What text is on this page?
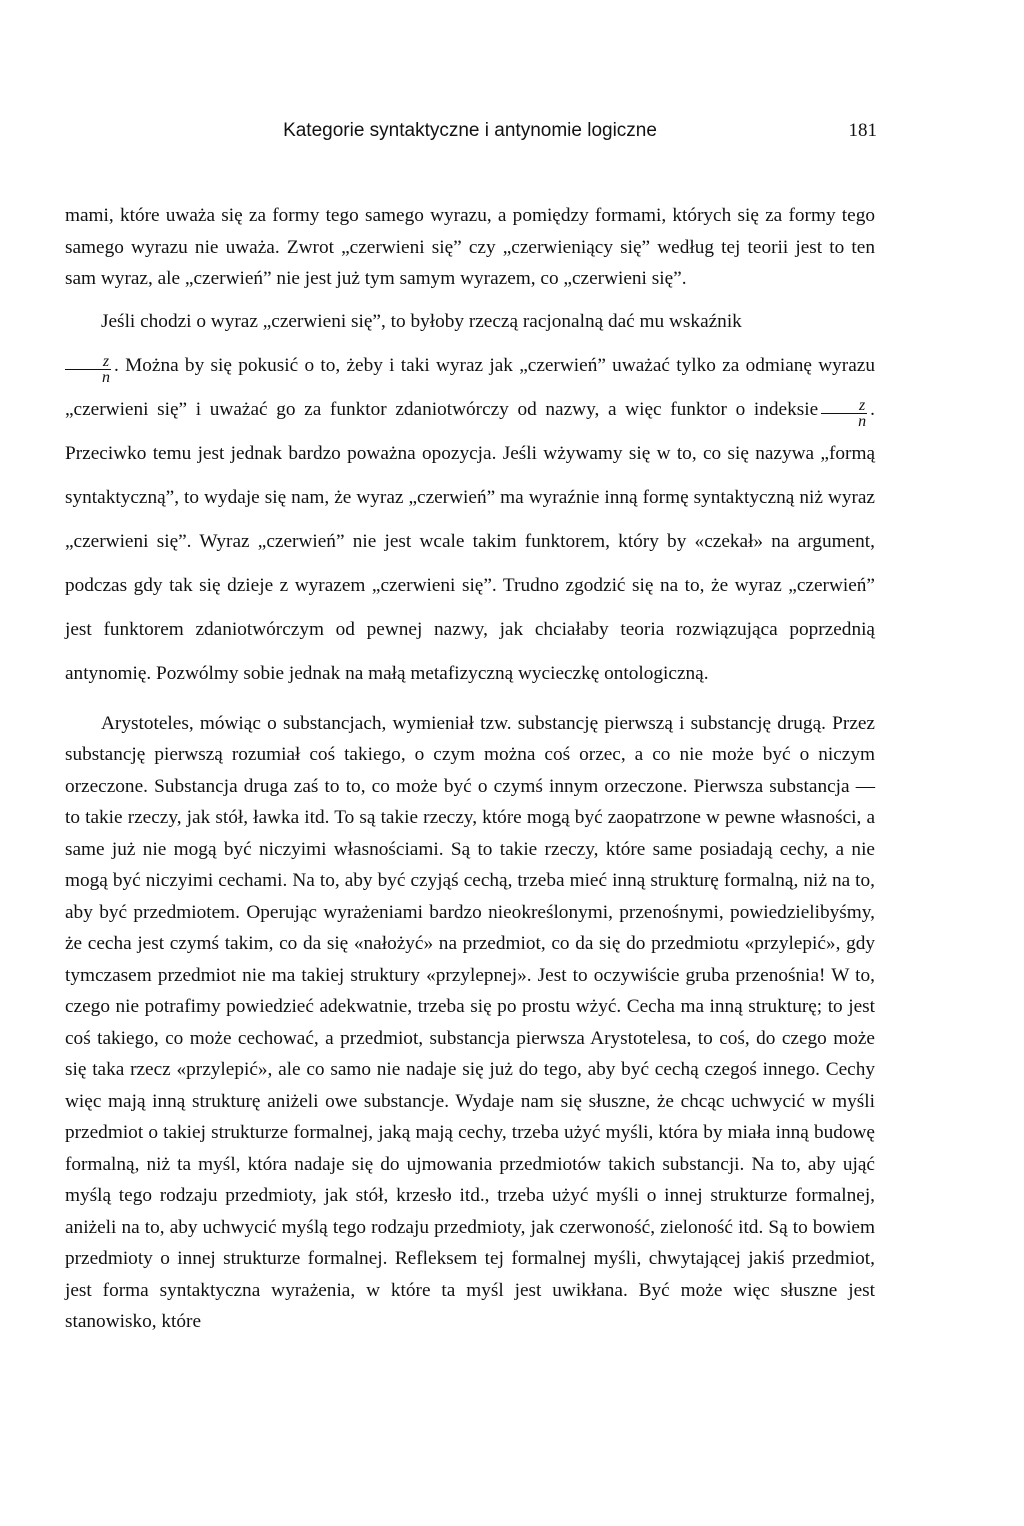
Kategorie syntaktyczne i antynomie logiczne	181

mami, które uważa się za formy tego samego wyrazu, a pomiędzy formami, których się za formy tego samego wyrazu nie uważa. Zwrot „czerwieni się” czy „czerwieniący się” według tej teorii jest to ten sam wyraz, ale „czerwień” nie jest już tym samym wyrazem, co „czerwieni się”.

Jeśli chodzi o wyraz „czerwieni się”, to byłoby rzeczą racjonalną dać mu wskaźnik

$\frac{z}{n}$ . Można by się pokusić o to, żeby i taki wyraz jak „czerwień” uważać tylko za odmianę wyrazu „czerwieni się” i uważać go za funktor zdaniotwórczy od nazwy, a więc funktor o indeksie $\frac{z}{n}$ . Przeciwko temu jest jednak bardzo poważna opozycja. Jeśli wżywamy się w to, co się nazywa „formą syntaktyczną”, to wydaje się nam, że wyraz „czerwień” ma wyraźnie inną formę syntaktyczną niż wyraz „czerwieni się”. Wyraz „czerwień” nie jest wcale takim funktorem, który by «czekał» na argument, podczas gdy tak się dzieje z wyrazem „czerwieni się”. Trudno zgodzić się na to, że wyraz „czerwień” jest funktorem zdaniotwórczym od pewnej nazwy, jak chciałaby teoria rozwiązująca poprzednią antynomię. Pozwólmy sobie jednak na małą metafizyczną wycieczkę ontologiczną.

Arystoteles, mówiąc o substancjach, wymieniał tzw. substancję pierwszą i substancję drugą. Przez substancję pierwszą rozumiał coś takiego, o czym można coś orzec, a co nie może być o niczym orzeczone. Substancja druga zaś to to, co może być o czymś innym orzeczone. Pierwsza substancja — to takie rzeczy, jak stół, ławka itd. To są takie rzeczy, które mogą być zaopatrzone w pewne własności, a same już nie mogą być niczyimi własnościami. Są to takie rzeczy, które same posiadają cechy, a nie mogą być niczyimi cechami. Na to, aby być czyjąś cechą, trzeba mieć inną strukturę formalną, niż na to, aby być przedmiotem. Operując wyrażeniami bardzo nieokreślonymi, przenośnymi, powiedzielibyśmy, że cecha jest czymś takim, co da się «nałożyć» na przedmiot, co da się do przedmiotu «przylepić», gdy tymczasem przedmiot nie ma takiej struktury «przylepnej». Jest to oczywiście gruba przenośnia! W to, czego nie potrafimy powiedzieć adekwatnie, trzeba się po prostu wżyć. Cecha ma inną strukturę; to jest coś takiego, co może cechować, a przedmiot, substancja pierwsza Arystotelesa, to coś, do czego może się taka rzecz «przylepić», ale co samo nie nadaje się już do tego, aby być cechą czegoś innego. Cechy więc mają inną strukturę aniżeli owe substancje. Wydaje nam się słuszne, że chcąc uchwycić w myśli przedmiot o takiej strukturze formalnej, jaką mają cechy, trzeba użyć myśli, która by miała inną budowę formalną, niż ta myśl, która nadaje się do ujmowania przedmiotów takich substancji. Na to, aby ująć myślą tego rodzaju przedmioty, jak stół, krzesło itd., trzeba użyć myśli o innej strukturze formalnej, aniżeli na to, aby uchwycić myślą tego rodzaju przedmioty, jak czerwoność, zieloność itd. Są to bowiem przedmioty o innej strukturze formalnej. Refleksem tej formalnej myśli, chwytającej jakiś przedmiot, jest forma syntaktyczna wyrażenia, w które ta myśl jest uwikłana. Być może więc słuszne jest stanowisko, które
